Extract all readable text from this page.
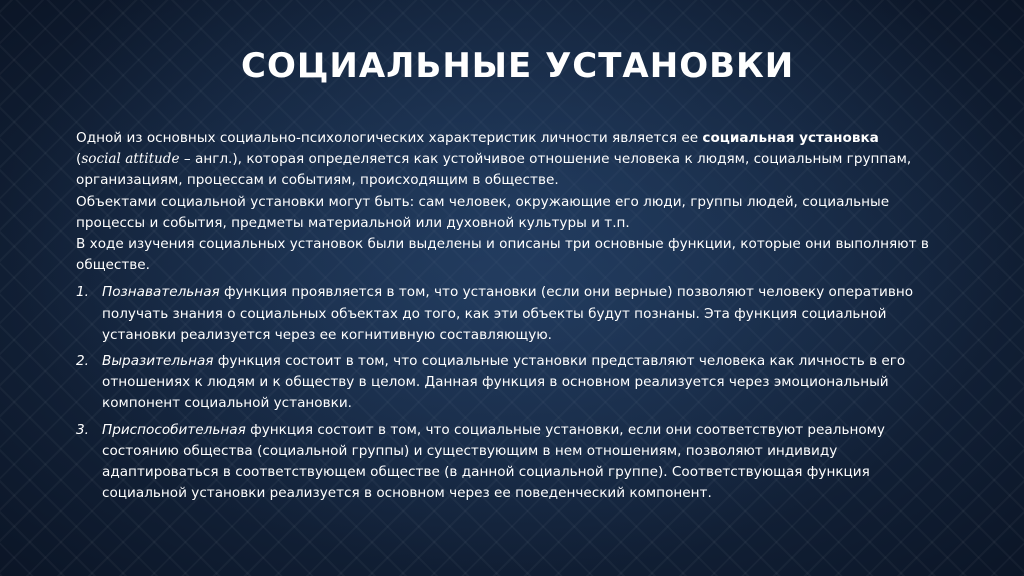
СОЦИАЛЬНЫЕ УСТАНОВКИ

Одной из основных социально-психологических характеристик личности является ее социальная установка
(social attitude – англ.), которая определяется как устойчивое отношение человека к людям, социальным группам, организациям, процессам и событиям, происходящим в обществе.

Объектами социальной установки могут быть: сам человек, окружающие его люди, группы людей, социальные процессы и события, предметы материальной или духовной культуры и т.п.

В ходе изучения социальных установок были выделены и описаны три основные функции, которые они выполняют в обществе.

1. Познавательная функция проявляется в том, что установки (если они верные) позволяют человеку оперативно получать знания о социальных объектах до того, как эти объекты будут познаны. Эта функция социальной установки реализуется через ее когнитивную составляющую.
2. Выразительная функция состоит в том, что социальные установки представляют человека как личность в его отношениях к людям и к обществу в целом. Данная функция в основном реализуется через эмоциональный компонент социальной установки.
3. Приспособительная функция состоит в том, что социальные установки, если они соответствуют реальному состоянию общества (социальной группы) и существующим в нем отношениям, позволяют индивиду адаптироваться в соответствующем обществе (в данной социальной группе). Соответствующая функция социальной установки реализуется в основном через ее поведенческий компонент.
